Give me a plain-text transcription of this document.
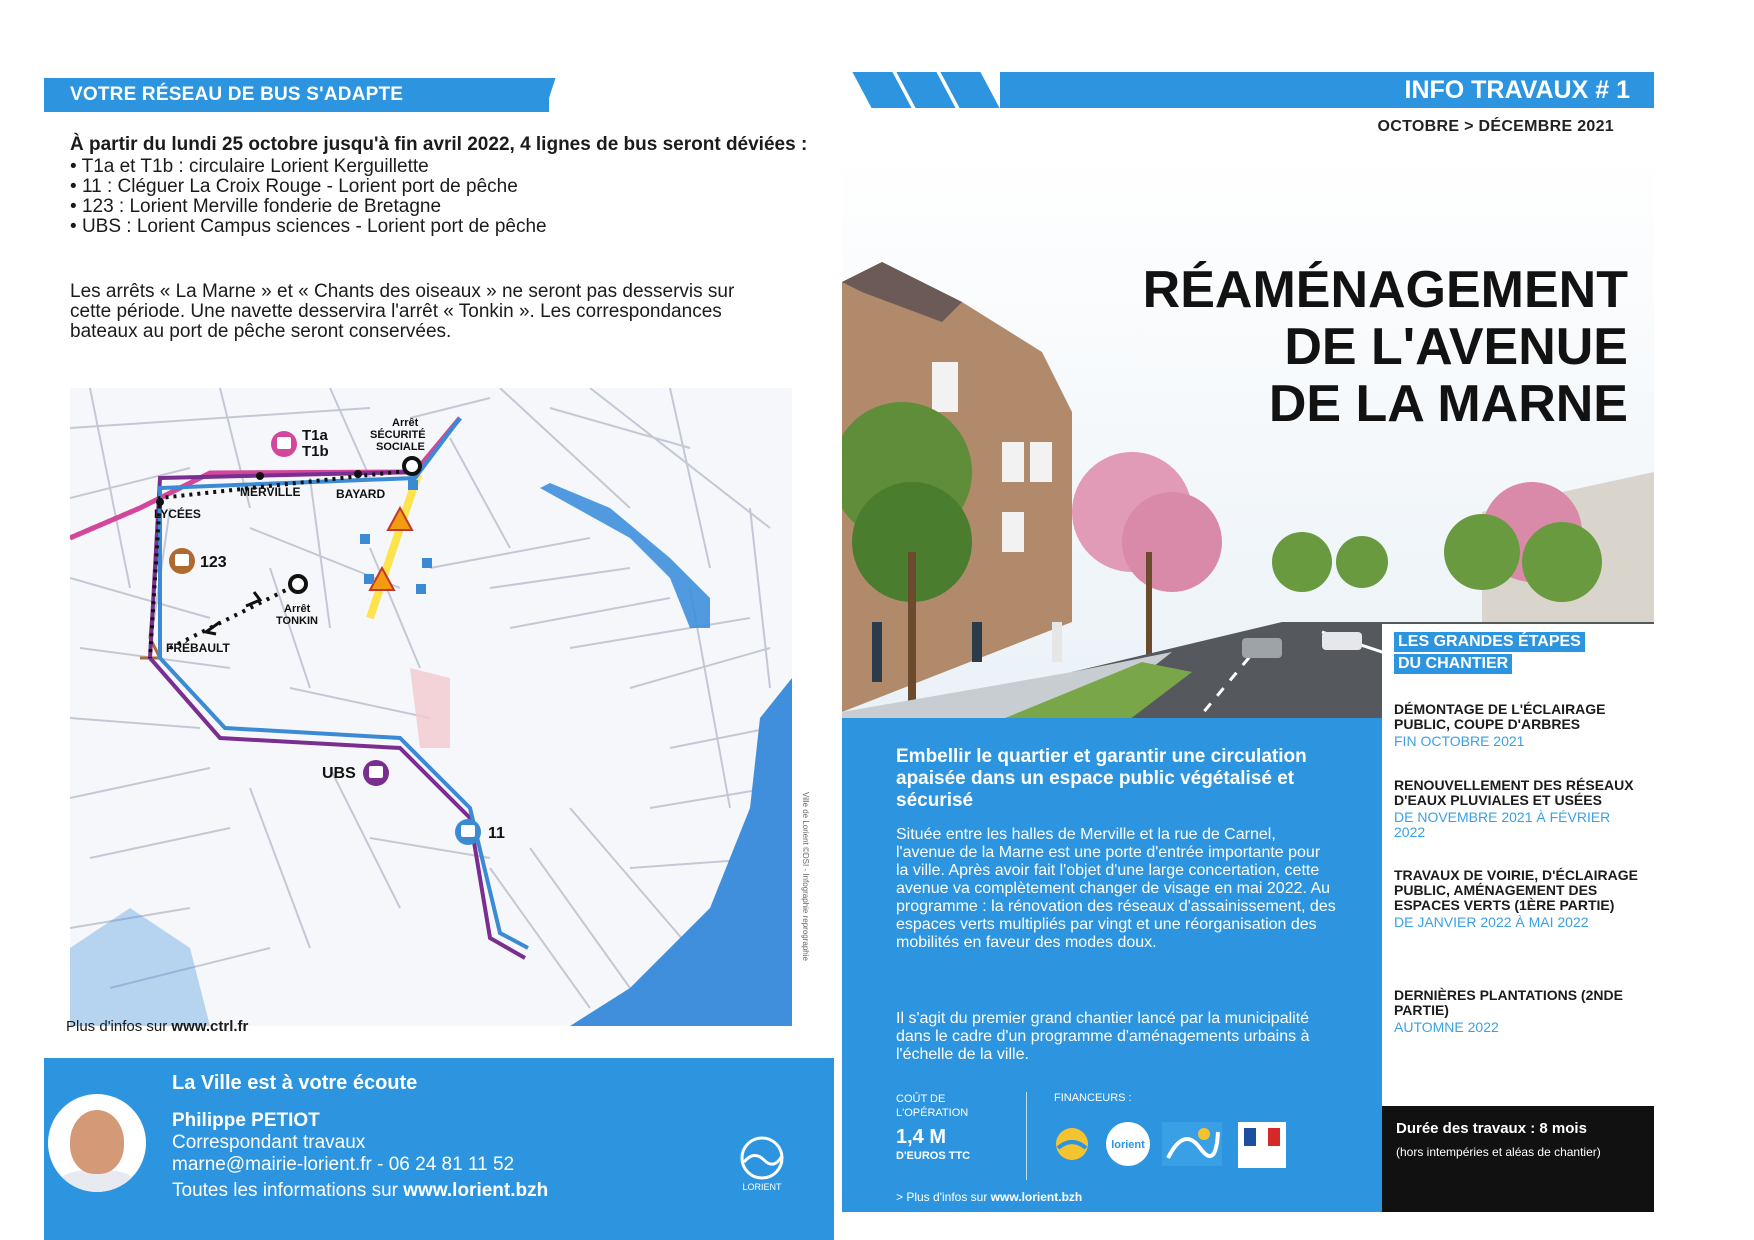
VOTRE RÉSEAU DE BUS S'ADAPTE

À partir du lundi 25 octobre jusqu'à fin avril 2022, 4 lignes de bus seront déviées :

• T1a et T1b : circulaire Lorient Kerguillette
• 11 : Cléguer La Croix Rouge - Lorient port de pêche
• 123 : Lorient Merville fonderie de Bretagne
• UBS : Lorient Campus sciences - Lorient port de pêche

Les arrêts « La Marne » et « Chants des oiseaux » ne seront pas desservis sur cette période. Une navette desservira l'arrêt « Tonkin ». Les correspondances bateaux au port de pêche seront conservées.

T1a
T1b
Arrêt
SÉCURITÉ
SOCIALE
MERVILLE	BAYARD
LYCÉES
123
Arrêt
TONKIN
FRÉBAULT
UBS
11	Ville de Lorient ©DSI - Infographie reprographie

Plus d'infos sur www.ctrl.fr

La Ville est à votre écoute

Philippe PETIOT

Correspondant travaux

marne@mairie-lorient.fr - 06 24 81 11 52

Toutes les informations sur www.lorient.bzh	LORIENT
INFO TRAVAUX # 1
OCTOBRE > DÉCEMBRE 2021
RÉAMÉNAGEMENT
DE L'AVENUE
DE LA MARNE

Embellir le quartier et garantir une circulation apaisée dans un espace public végétalisé et sécurisé

Située entre les halles de Merville et la rue de Carnel, l'avenue de la Marne est une porte d'entrée importante pour la ville. Après avoir fait l'objet d'une large concertation, cette avenue va complètement changer de visage en mai 2022. Au programme : la rénovation des réseaux d'assainissement, des espaces verts multipliés par vingt et une réorganisation des mobilités en faveur des modes doux.

Il s'agit du premier grand chantier lancé par la municipalité dans le cadre d'un programme d'aménagements urbains à l'échelle de la ville.

COÛT DE L'OPÉRATION

1,4 M

D'EUROS TTC

FINANCEURS :

lorient

> Plus d'infos sur www.lorient.bzh

LES GRANDES ÉTAPES
DU CHANTIER

DÉMONTAGE DE L'ÉCLAIRAGE PUBLIC, COUPE D'ARBRES

FIN OCTOBRE 2021

RENOUVELLEMENT DES RÉSEAUX D'EAUX PLUVIALES ET USÉES

DE NOVEMBRE 2021 À FÉVRIER 2022

TRAVAUX DE VOIRIE, D'ÉCLAIRAGE PUBLIC, AMÉNAGEMENT DES ESPACES VERTS (1ÈRE PARTIE)

DE JANVIER 2022 À MAI 2022

DERNIÈRES PLANTATIONS (2NDE PARTIE)

AUTOMNE 2022

Durée des travaux : 8 mois

(hors intempéries et aléas de chantier)
